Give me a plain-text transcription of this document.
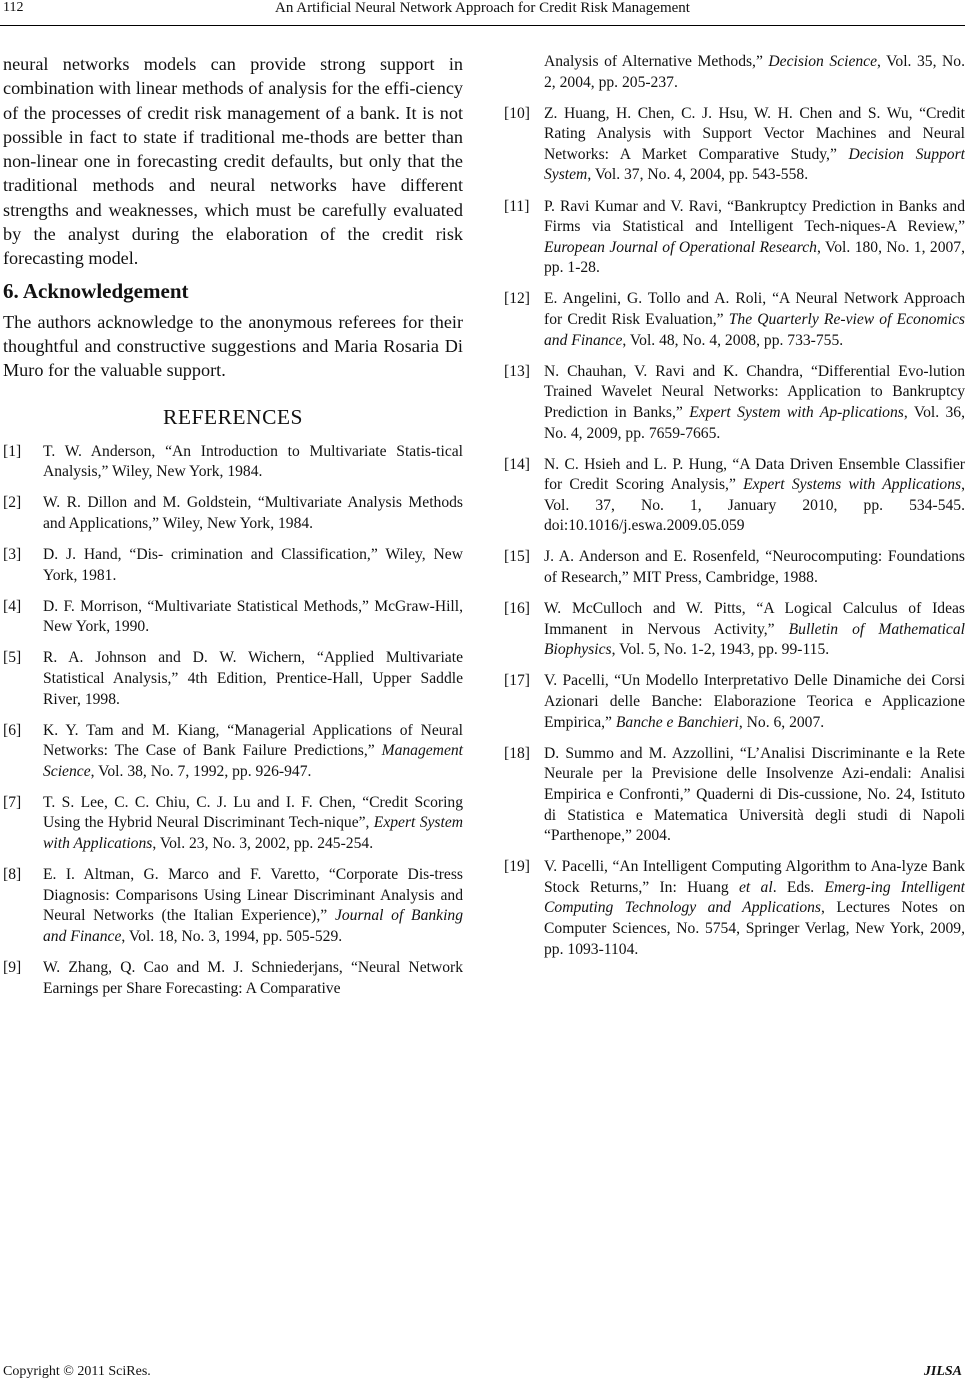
112	An Artificial Neural Network Approach for Credit Risk Management

neural networks models can provide strong support in combination with linear methods of analysis for the effi-ciency of the processes of credit risk management of a bank. It is not possible in fact to state if traditional me-thods are better than non-linear one in forecasting credit defaults, but only that the traditional methods and neural networks have different strengths and weaknesses, which must be carefully evaluated by the analyst during the elaboration of the credit risk forecasting model.

6. Acknowledgement

The authors acknowledge to the anonymous referees for their thoughtful and constructive suggestions and Maria Rosaria Di Muro for the valuable support.

REFERENCES
[1]	T. W. Anderson, “An Introduction to Multivariate Statis-tical Analysis,” Wiley, New York, 1984.
[2]	W. R. Dillon and M. Goldstein, “Multivariate Analysis Methods and Applications,” Wiley, New York, 1984.
[3]	D. J. Hand, “Dis- crimination and Classification,” Wiley, New York, 1981.
[4]	D. F. Morrison, “Multivariate Statistical Methods,” McGraw-Hill, New York, 1990.
[5]	R. A. Johnson and D. W. Wichern, “Applied Multivariate Statistical Analysis,” 4th Edition, Prentice-Hall, Upper Saddle River, 1998.
[6]	K. Y. Tam and M. Kiang, “Managerial Applications of Neural Networks: The Case of Bank Failure Predictions,” Management Science, Vol. 38, No. 7, 1992, pp. 926-947.
[7]	T. S. Lee, C. C. Chiu, C. J. Lu and I. F. Chen, “Credit Scoring Using the Hybrid Neural Discriminant Tech-nique”, Expert System with Applications, Vol. 23, No. 3, 2002, pp. 245-254.
[8]	E. I. Altman, G. Marco and F. Varetto, “Corporate Dis-tress Diagnosis: Comparisons Using Linear Discriminant Analysis and Neural Networks (the Italian Experience),” Journal of Banking and Finance, Vol. 18, No. 3, 1994, pp. 505-529.
[9]	W. Zhang, Q. Cao and M. J. Schniederjans, “Neural Network Earnings per Share Forecasting: A Comparative
Analysis of Alternative Methods,” Decision Science, Vol. 35, No. 2, 2004, pp. 205-237.
[10] Z. Huang, H. Chen, C. J. Hsu, W. H. Chen and S. Wu, “Credit Rating Analysis with Support Vector Machines and Neural Networks: A Market Comparative Study,” Decision Support System, Vol. 37, No. 4, 2004, pp. 543-558.
[11] P. Ravi Kumar and V. Ravi, “Bankruptcy Prediction in Banks and Firms via Statistical and Intelligent Tech-niques-A Review,” European Journal of Operational Research, Vol. 180, No. 1, 2007, pp. 1-28.
[12] E. Angelini, G. Tollo and A. Roli, “A Neural Network Approach for Credit Risk Evaluation,” The Quarterly Re-view of Economics and Finance, Vol. 48, No. 4, 2008, pp. 733-755.
[13] N. Chauhan, V. Ravi and K. Chandra, “Differential Evo-lution Trained Wavelet Neural Networks: Application to Bankruptcy Prediction in Banks,” Expert System with Ap-plications, Vol. 36, No. 4, 2009, pp. 7659-7665.
[14] N. C. Hsieh and L. P. Hung, “A Data Driven Ensemble Classifier for Credit Scoring Analysis,” Expert Systems with Applications, Vol. 37, No. 1, January 2010, pp. 534-545. doi:10.1016/j.eswa.2009.05.059
[15] J. A. Anderson and E. Rosenfeld, “Neurocomputing: Foundations of Research,” MIT Press, Cambridge, 1988.
[16] W. McCulloch and W. Pitts, “A Logical Calculus of Ideas Immanent in Nervous Activity,” Bulletin of Mathematical Biophysics, Vol. 5, No. 1-2, 1943, pp. 99-115.
[17] V. Pacelli, “Un Modello Interpretativo Delle Dinamiche dei Corsi Azionari delle Banche: Elaborazione Teorica e Applicazione Empirica,” Banche e Banchieri, No. 6, 2007.
[18] D. Summo and M. Azzollini, “L’Analisi Discriminante e la Rete Neurale per la Previsione delle Insolvenze Azi-endali: Analisi Empirica e Confronti,” Quaderni di Dis-cussione, No. 24, Istituto di Statistica e Matematica Università degli studi di Napoli “Parthenope,” 2004.
[19] V. Pacelli, “An Intelligent Computing Algorithm to Ana-lyze Bank Stock Returns,” In: Huang et al. Eds. Emerg-ing Intelligent Computing Technology and Applications, Lectures Notes on Computer Sciences, No. 5754, Springer Verlag, New York, 2009, pp. 1093-1104.
Copyright © 2011 SciRes.	JILSA
